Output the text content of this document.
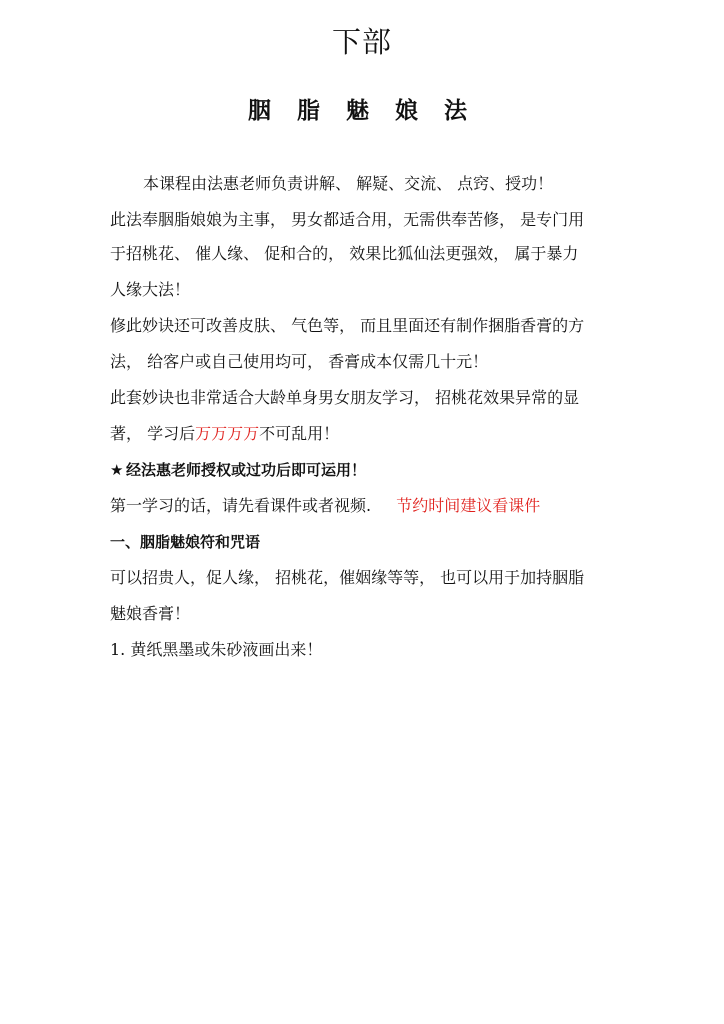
下部
胭 脂 魅 娘 法
本课程由法惠老师负责讲解、 解疑、交流、 点窍、授功！
此法奉胭脂娘娘为主事， 男女都适合用，无需供奉苦修， 是专门用
于招桃花、 催人缘、 促和合的， 效果比狐仙法更强效， 属于暴力
人缘大法！
修此妙诀还可改善皮肤、 气色等， 而且里面还有制作捆脂香膏的方
法， 给客户或自己使用均可， 香膏成本仅需几十元！
此套妙诀也非常适合大龄单身男女朋友学习， 招桃花效果异常的显
著， 学习后万万万万不可乱用！
★ 经法惠老师授权或过功后即可运用！
第一学习的话，请先看课件或者视频. 节约时间建议看课件
一、胭脂魅娘符和咒语
可以招贵人，促人缘， 招桃花，催姻缘等等， 也可以用于加持胭脂
魅娘香膏！
1. 黄纸黑墨或朱砂液画出来！
